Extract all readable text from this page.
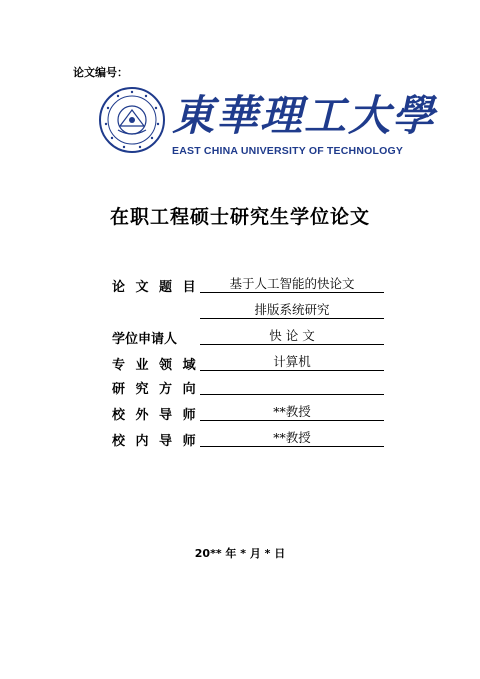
论文编号：
東華理工大學
EAST CHINA UNIVERSITY OF TECHNOLOGY
在职工程硕士研究生学位论文
论 文 题 目	基于人工智能的快论文
排版系统研究
学位申请人	快 论 文
专 业 领 域	计算机
研 究 方 向
校 外 导 师	**教授
校 内 导 师	**教授
20** 年 * 月 * 日
